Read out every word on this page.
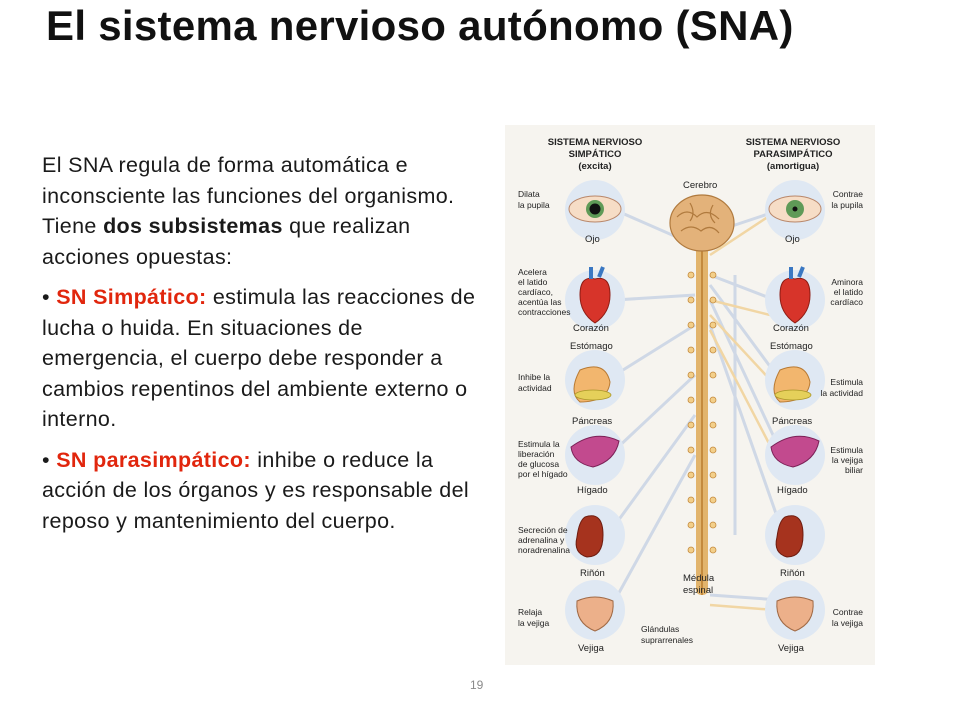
El sistema nervioso autónomo (SNA)

El SNA regula de forma automática e inconsciente las funciones del organismo. Tiene dos subsistemas que realizan acciones opuestas:

• SN Simpático: estimula las reacciones de lucha o huida. En situaciones de emergencia, el cuerpo debe responder a cambios repentinos del ambiente externo o interno.

• SN parasimpático: inhibe o reduce la acción de los órganos y es responsable del reposo y mantenimiento del cuerpo.

SISTEMA NERVIOSO
SIMPÁTICO
(excita)
SISTEMA NERVIOSO
PARASIMPÁTICO
(amortigua)
Cerebro
Ojo
Corazón
Estómago
Páncreas
Hígado
Riñón
Vejiga
Ojo
Corazón
Estómago
Páncreas
Hígado
Riñón
Vejiga
Médula
espinal
Glándulas
suprarrenales
Dilata
la pupila
Acelera
el latido
cardíaco,
acentúa las
contracciones
Inhibe la
actividad
Estimula la
liberación
de glucosa
por el hígado
Secreción de
adrenalina y
noradrenalina
Relaja
la vejiga
Contrae
la pupila
Aminora
el latido
cardíaco
Estimula
la actividad
Estimula
la vejiga
biliar
Contrae
la vejiga
19
